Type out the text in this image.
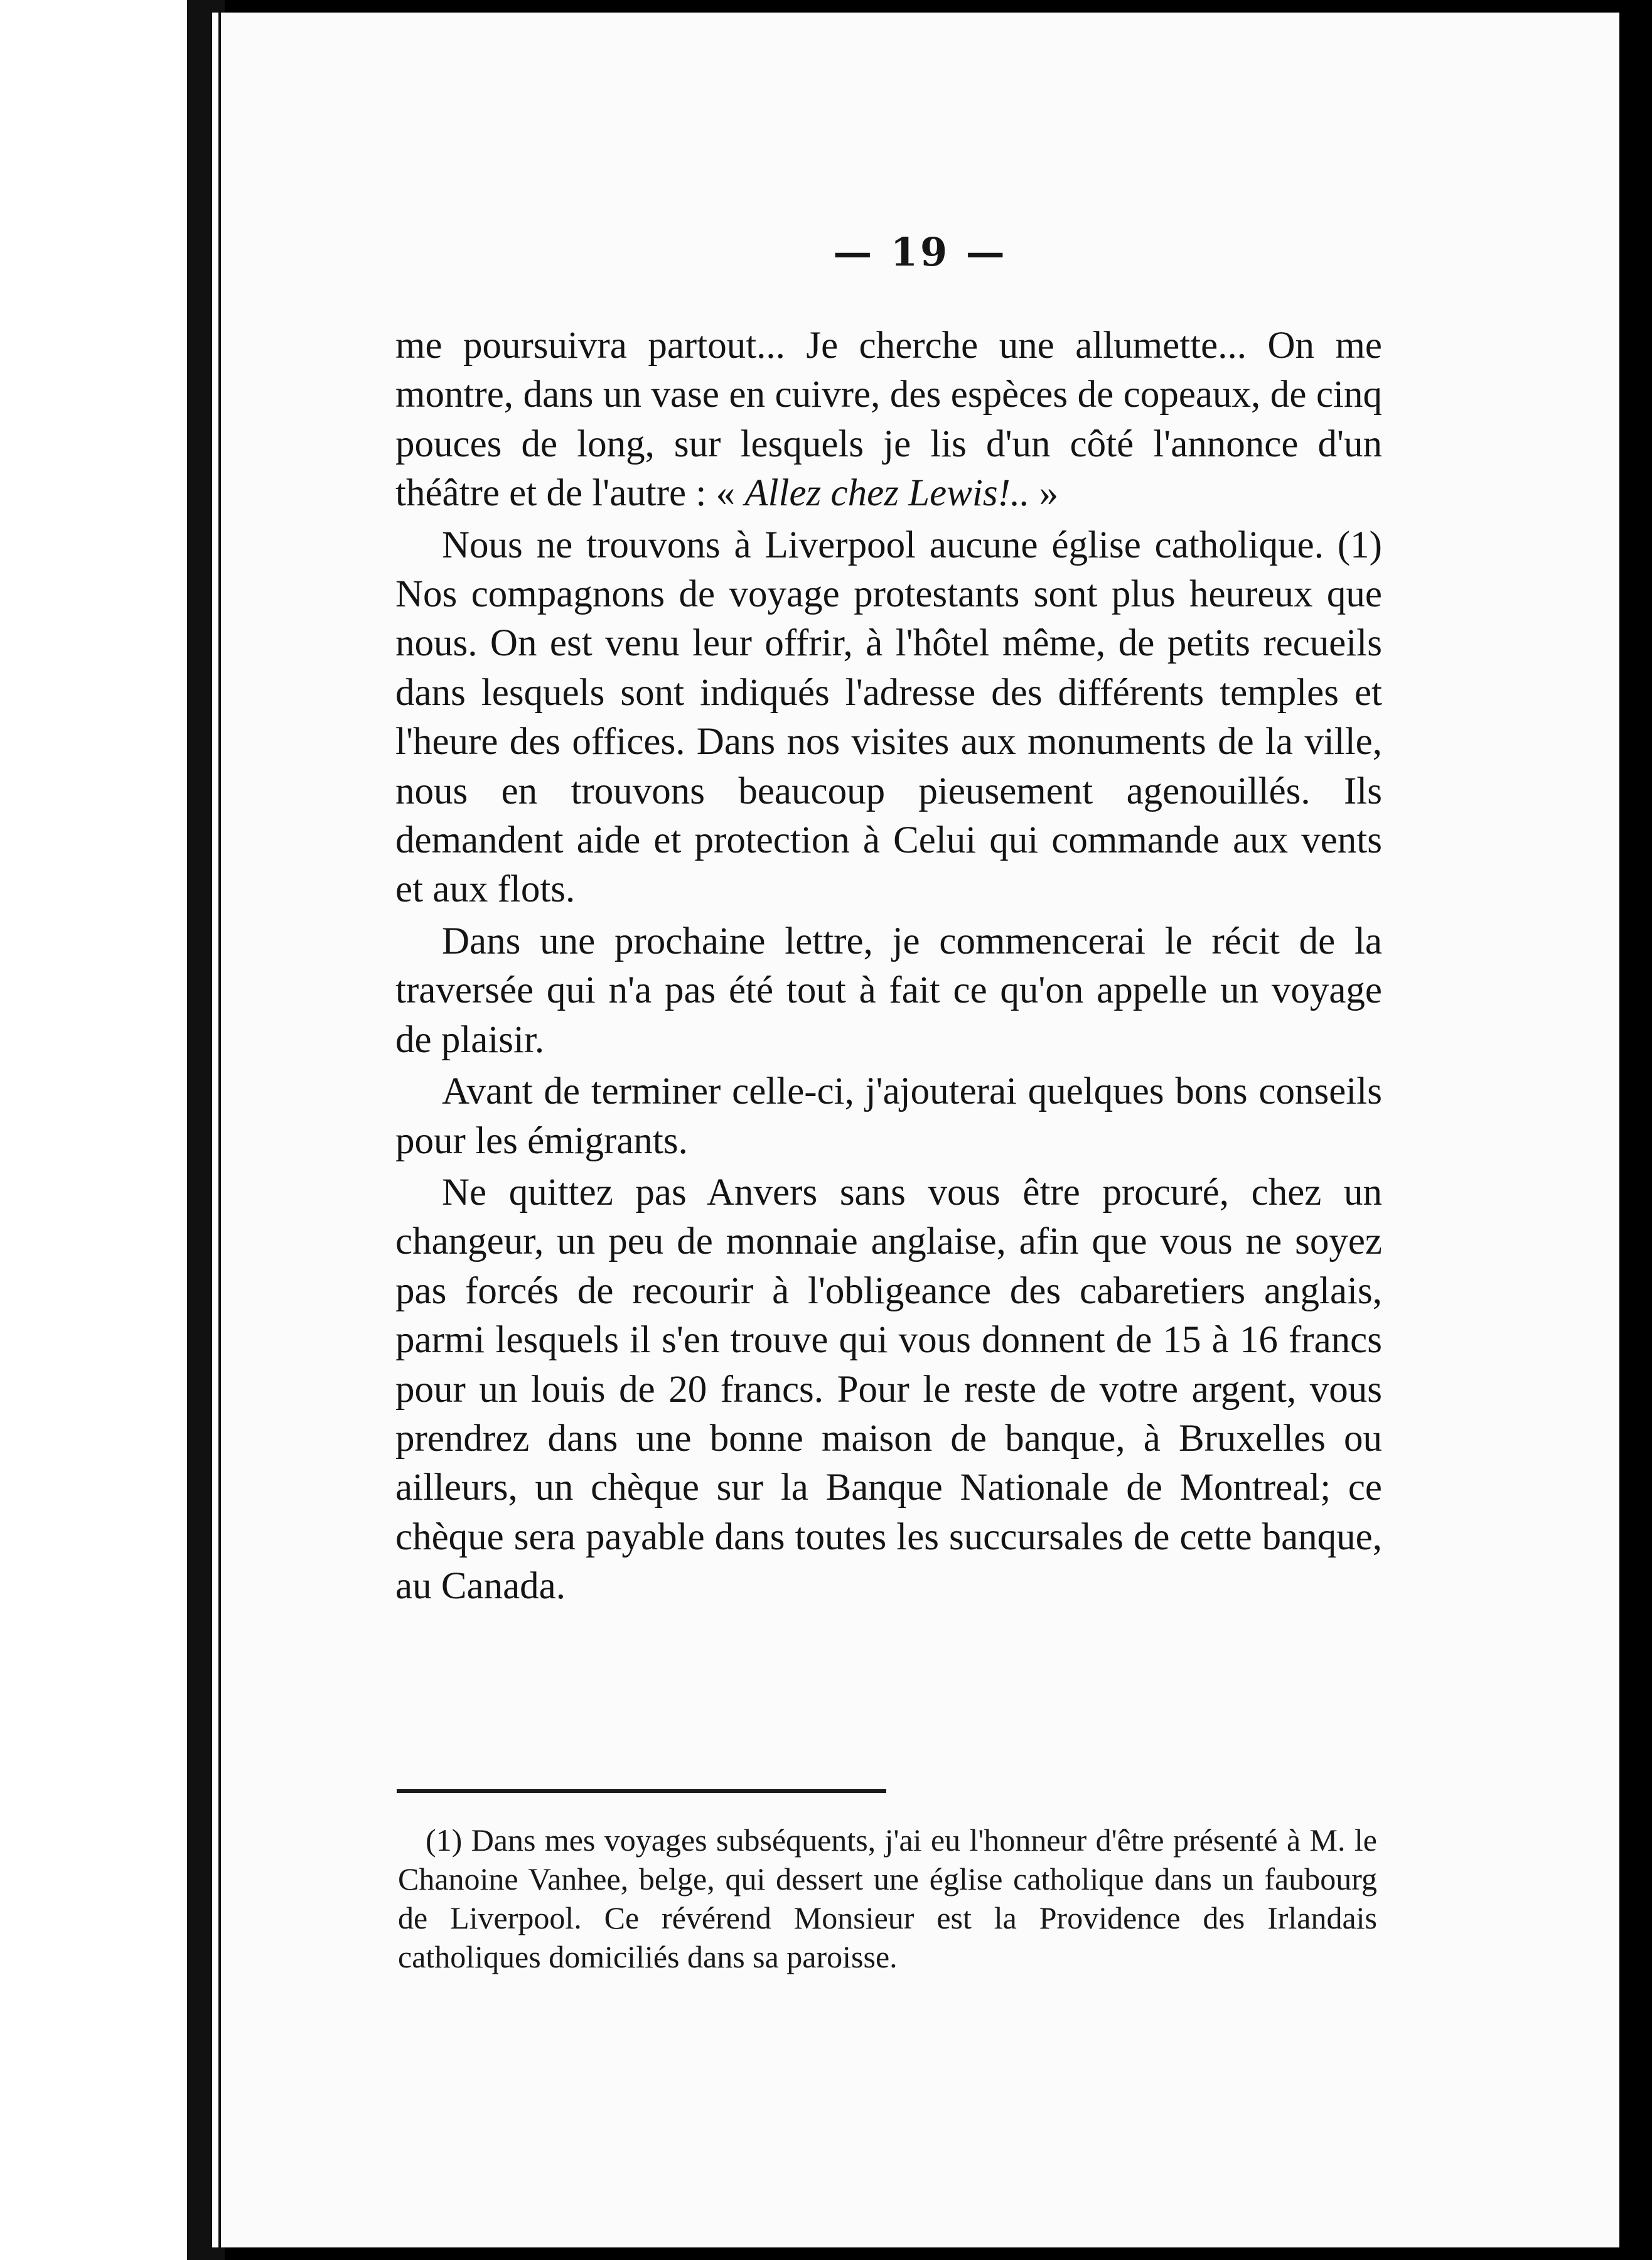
— 19 —

me poursuivra partout... Je cherche une allumette... On me montre, dans un vase en cuivre, des espèces de copeaux, de cinq pouces de long, sur lesquels je lis d'un côté l'annonce d'un théâtre et de l'autre : « Allez chez Lewis!.. »

Nous ne trouvons à Liverpool aucune église catholique. (1) Nos compagnons de voyage protestants sont plus heureux que nous. On est venu leur offrir, à l'hôtel même, de petits recueils dans lesquels sont indiqués l'adresse des différents temples et l'heure des offices. Dans nos visites aux monuments de la ville, nous en trouvons beaucoup pieusement agenouillés. Ils demandent aide et protection à Celui qui commande aux vents et aux flots.

Dans une prochaine lettre, je commencerai le récit de la traversée qui n'a pas été tout à fait ce qu'on appelle un voyage de plaisir.

Avant de terminer celle-ci, j'ajouterai quelques bons conseils pour les émigrants.

Ne quittez pas Anvers sans vous être procuré, chez un changeur, un peu de monnaie anglaise, afin que vous ne soyez pas forcés de recourir à l'obligeance des cabaretiers anglais, parmi lesquels il s'en trouve qui vous donnent de 15 à 16 francs pour un louis de 20 francs. Pour le reste de votre argent, vous prendrez dans une bonne maison de banque, à Bruxelles ou ailleurs, un chèque sur la Banque Nationale de Montreal; ce chèque sera payable dans toutes les succursales de cette banque, au Canada.

(1) Dans mes voyages subséquents, j'ai eu l'honneur d'être présenté à M. le Chanoine Vanhee, belge, qui dessert une église catholique dans un faubourg de Liverpool. Ce révérend Monsieur est la Providence des Irlandais catholiques domiciliés dans sa paroisse.
